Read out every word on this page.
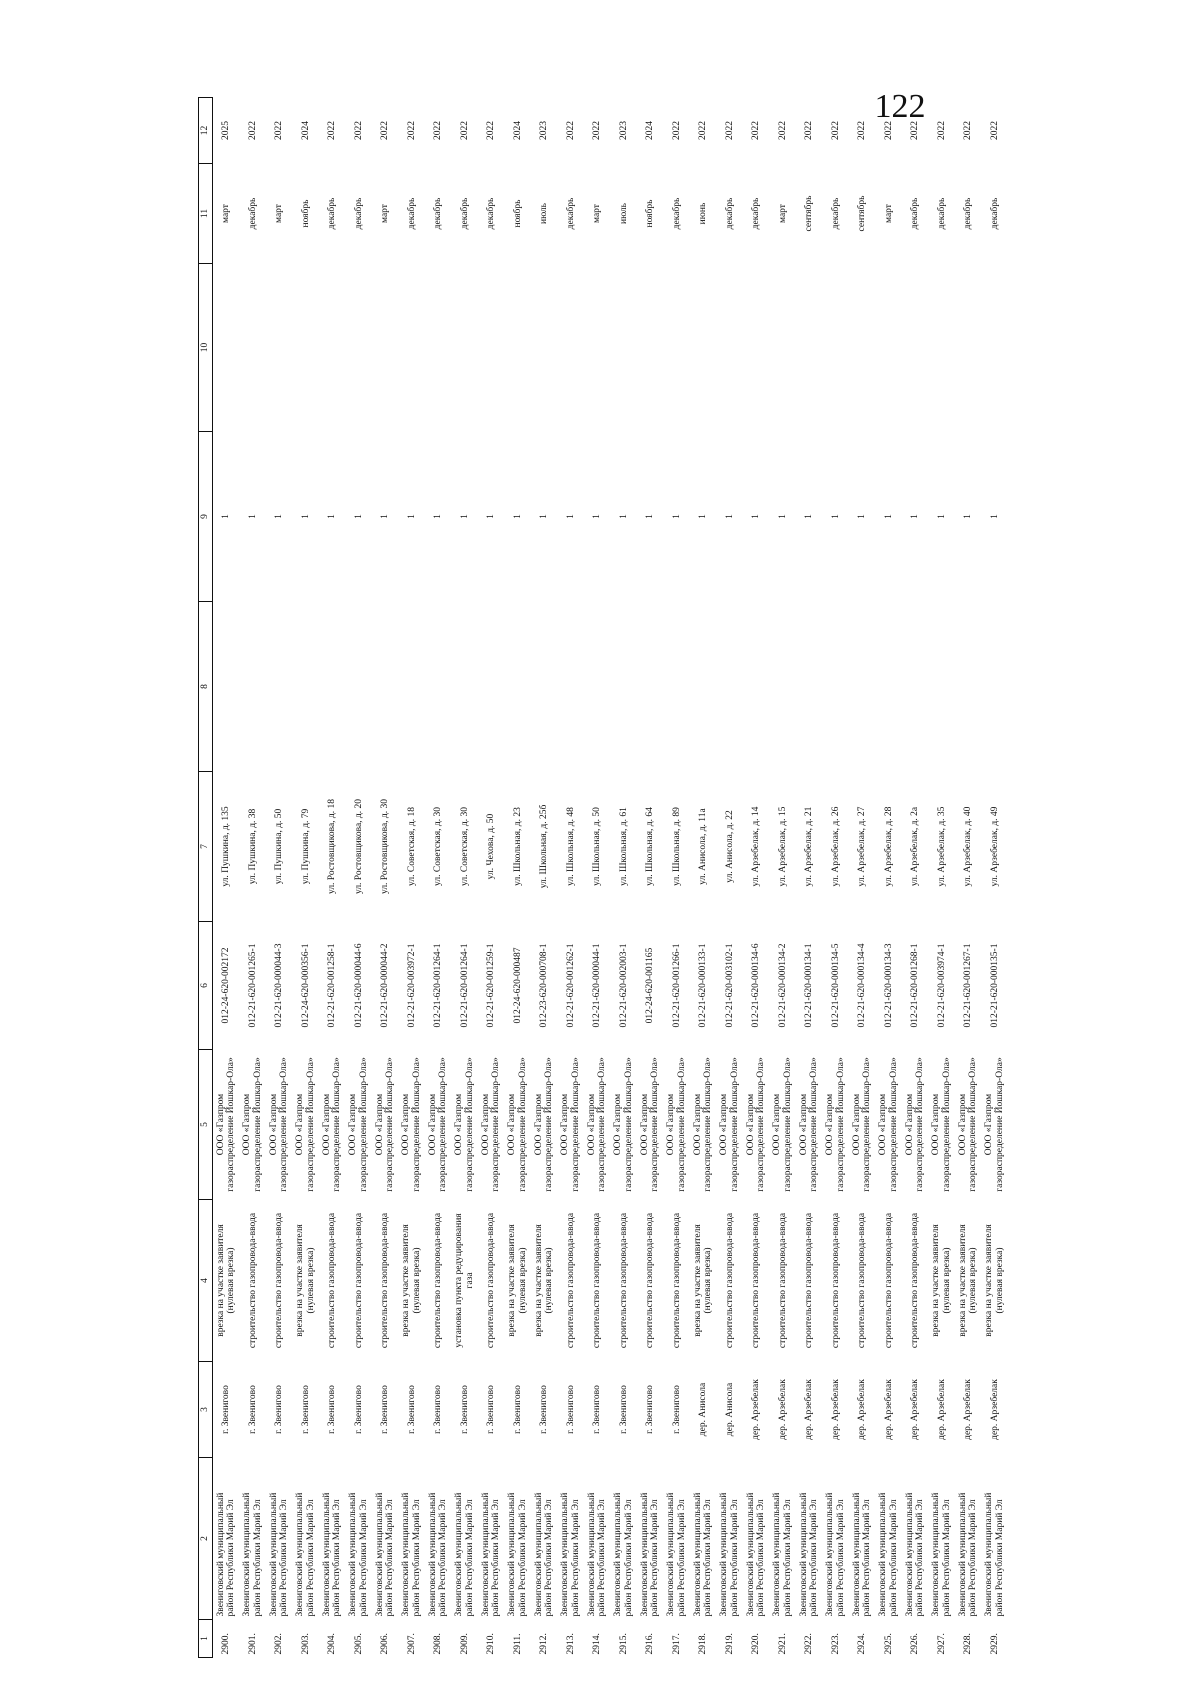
122
1	2	3	4	5	6	7	8	9	10	11	12
2900.	Звениговский муниципальный район Республики Марий Эл	г. Звенигово	врезка на участке заявителя (нулевая врезка)	ООО «Газпром газораспределение Йошкар-Ола»	012-24-620-002172	ул. Пушкина, д. 135		1		март	2025
2901.	Звениговский муниципальный район Республики Марий Эл	г. Звенигово	строительство газопровода-ввода	ООО «Газпром газораспределение Йошкар-Ола»	012-21-620-001265-1	ул. Пушкина, д. 38		1		декабрь	2022
2902.	Звениговский муниципальный район Республики Марий Эл	г. Звенигово	строительство газопровода-ввода	ООО «Газпром газораспределение Йошкар-Ола»	012-21-620-000044-3	ул. Пушкина, д. 50		1		март	2022
2903.	Звениговский муниципальный район Республики Марий Эл	г. Звенигово	врезка на участке заявителя (нулевая врезка)	ООО «Газпром газораспределение Йошкар-Ола»	012-24-620-000356-1	ул. Пушкина, д. 79		1		ноябрь	2024
2904.	Звениговский муниципальный район Республики Марий Эл	г. Звенигово	строительство газопровода-ввода	ООО «Газпром газораспределение Йошкар-Ола»	012-21-620-001258-1	ул. Ростовщикова, д. 18		1		декабрь	2022
2905.	Звениговский муниципальный район Республики Марий Эл	г. Звенигово	строительство газопровода-ввода	ООО «Газпром газораспределение Йошкар-Ола»	012-21-620-000044-6	ул. Ростовщикова, д. 20		1		декабрь	2022
2906.	Звениговский муниципальный район Республики Марий Эл	г. Звенигово	строительство газопровода-ввода	ООО «Газпром газораспределение Йошкар-Ола»	012-21-620-000044-2	ул. Ростовщикова, д. 30		1		март	2022
2907.	Звениговский муниципальный район Республики Марий Эл	г. Звенигово	врезка на участке заявителя (нулевая врезка)	ООО «Газпром газораспределение Йошкар-Ола»	012-21-620-003972-1	ул. Советская, д. 18		1		декабрь	2022
2908.	Звениговский муниципальный район Республики Марий Эл	г. Звенигово	строительство газопровода-ввода	ООО «Газпром газораспределение Йошкар-Ола»	012-21-620-001264-1	ул. Советская, д. 30		1		декабрь	2022
2909.	Звениговский муниципальный район Республики Марий Эл	г. Звенигово	установка пункта редуцирования газа	ООО «Газпром газораспределение Йошкар-Ола»	012-21-620-001264-1	ул. Советская, д. 30		1		декабрь	2022
2910.	Звениговский муниципальный район Республики Марий Эл	г. Звенигово	строительство газопровода-ввода	ООО «Газпром газораспределение Йошкар-Ола»	012-21-620-001259-1	ул. Чехова, д. 50		1		декабрь	2022
2911.	Звениговский муниципальный район Республики Марий Эл	г. Звенигово	врезка на участке заявителя (нулевая врезка)	ООО «Газпром газораспределение Йошкар-Ола»	012-24-620-000487	ул. Школьная, д. 23		1		ноябрь	2024
2912.	Звениговский муниципальный район Республики Марий Эл	г. Звенигово	врезка на участке заявителя (нулевая врезка)	ООО «Газпром газораспределение Йошкар-Ола»	012-23-620-000708-1	ул. Школьная, д. 25б		1		июль	2023
2913.	Звениговский муниципальный район Республики Марий Эл	г. Звенигово	строительство газопровода-ввода	ООО «Газпром газораспределение Йошкар-Ола»	012-21-620-001262-1	ул. Школьная, д. 48		1		декабрь	2022
2914.	Звениговский муниципальный район Республики Марий Эл	г. Звенигово	строительство газопровода-ввода	ООО «Газпром газораспределение Йошкар-Ола»	012-21-620-000044-1	ул. Школьная, д. 50		1		март	2022
2915.	Звениговский муниципальный район Республики Марий Эл	г. Звенигово	строительство газопровода-ввода	ООО «Газпром газораспределение Йошкар-Ола»	012-21-620-002003-1	ул. Школьная, д. 61		1		июль	2023
2916.	Звениговский муниципальный район Республики Марий Эл	г. Звенигово	строительство газопровода-ввода	ООО «Газпром газораспределение Йошкар-Ола»	012-24-620-001165	ул. Школьная, д. 64		1		ноябрь	2024
2917.	Звениговский муниципальный район Республики Марий Эл	г. Звенигово	строительство газопровода-ввода	ООО «Газпром газораспределение Йошкар-Ола»	012-21-620-001266-1	ул. Школьная, д. 89		1		декабрь	2022
2918.	Звениговский муниципальный район Республики Марий Эл	дер. Анисола	врезка на участке заявителя (нулевая врезка)	ООО «Газпром газораспределение Йошкар-Ола»	012-21-620-000133-1	ул. Анисола, д. 11а		1		июнь	2022
2919.	Звениговский муниципальный район Республики Марий Эл	дер. Анисола	строительство газопровода-ввода	ООО «Газпром газораспределение Йошкар-Ола»	012-21-620-003102-1	ул. Анисола, д. 22		1		декабрь	2022
2920.	Звениговский муниципальный район Республики Марий Эл	дер. Арзебелак	строительство газопровода-ввода	ООО «Газпром газораспределение Йошкар-Ола»	012-21-620-000134-6	ул. Арзебелак, д. 14		1		декабрь	2022
2921.	Звениговский муниципальный район Республики Марий Эл	дер. Арзебелак	строительство газопровода-ввода	ООО «Газпром газораспределение Йошкар-Ола»	012-21-620-000134-2	ул. Арзебелак, д. 15		1		март	2022
2922.	Звениговский муниципальный район Республики Марий Эл	дер. Арзебелак	строительство газопровода-ввода	ООО «Газпром газораспределение Йошкар-Ола»	012-21-620-000134-1	ул. Арзебелак, д. 21		1		сентябрь	2022
2923.	Звениговский муниципальный район Республики Марий Эл	дер. Арзебелак	строительство газопровода-ввода	ООО «Газпром газораспределение Йошкар-Ола»	012-21-620-000134-5	ул. Арзебелак, д. 26		1		декабрь	2022
2924.	Звениговский муниципальный район Республики Марий Эл	дер. Арзебелак	строительство газопровода-ввода	ООО «Газпром газораспределение Йошкар-Ола»	012-21-620-000134-4	ул. Арзебелак, д. 27		1		сентябрь	2022
2925.	Звениговский муниципальный район Республики Марий Эл	дер. Арзебелак	строительство газопровода-ввода	ООО «Газпром газораспределение Йошкар-Ола»	012-21-620-000134-3	ул. Арзебелак, д. 28		1		март	2022
2926.	Звениговский муниципальный район Республики Марий Эл	дер. Арзебелак	строительство газопровода-ввода	ООО «Газпром газораспределение Йошкар-Ола»	012-21-620-001268-1	ул. Арзебелак, д. 2а		1		декабрь	2022
2927.	Звениговский муниципальный район Республики Марий Эл	дер. Арзебелак	врезка на участке заявителя (нулевая врезка)	ООО «Газпром газораспределение Йошкар-Ола»	012-21-620-003974-1	ул. Арзебелак, д. 35		1		декабрь	2022
2928.	Звениговский муниципальный район Республики Марий Эл	дер. Арзебелак	врезка на участке заявителя (нулевая врезка)	ООО «Газпром газораспределение Йошкар-Ола»	012-21-620-001267-1	ул. Арзебелак, д. 40		1		декабрь	2022
2929.	Звениговский муниципальный район Республики Марий Эл	дер. Арзебелак	врезка на участке заявителя (нулевая врезка)	ООО «Газпром газораспределение Йошкар-Ола»	012-21-620-000135-1	ул. Арзебелак, д. 49		1		декабрь	2022
